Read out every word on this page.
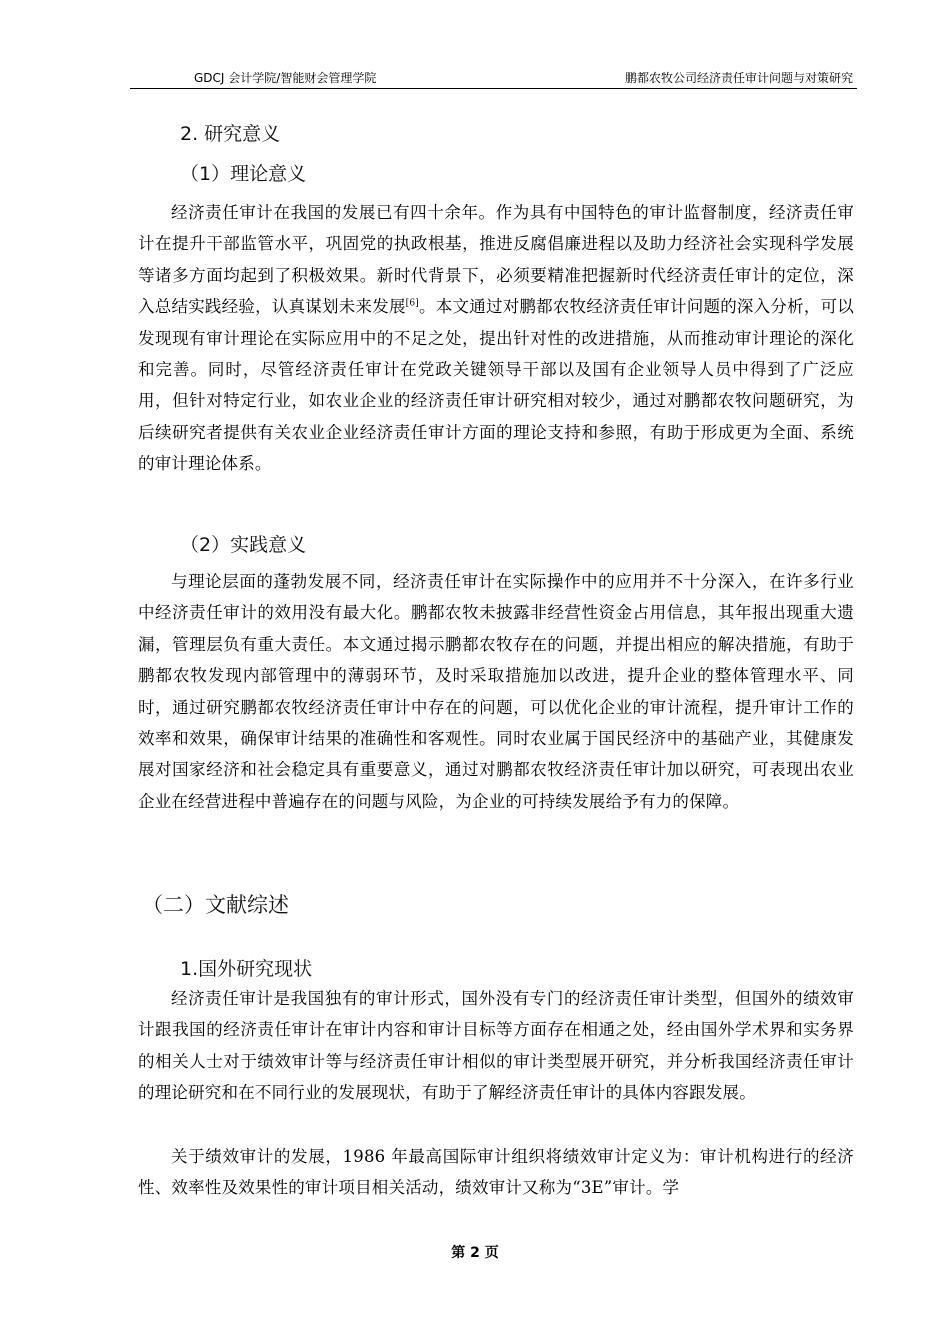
GDCJ 会计学院/智能财会管理学院	鹏都农牧公司经济责任审计问题与对策研究
2. 研究意义
（1）理论意义

经济责任审计在我国的发展已有四十余年。作为具有中国特色的审计监督制度，经济责任审计在提升干部监管水平，巩固党的执政根基，推进反腐倡廉进程以及助力经济社会实现科学发展等诸多方面均起到了积极效果。新时代背景下，必须要精准把握新时代经济责任审计的定位，深入总结实践经验，认真谋划未来发展[6]。本文通过对鹏都农牧经济责任审计问题的深入分析，可以发现现有审计理论在实际应用中的不足之处，提出针对性的改进措施，从而推动审计理论的深化和完善。同时，尽管经济责任审计在党政关键领导干部以及国有企业领导人员中得到了广泛应用，但针对特定行业，如农业企业的经济责任审计研究相对较少，通过对鹏都农牧问题研究，为后续研究者提供有关农业企业经济责任审计方面的理论支持和参照，有助于形成更为全面、系统的审计理论体系。

（2）实践意义

与理论层面的蓬勃发展不同，经济责任审计在实际操作中的应用并不十分深入，在许多行业中经济责任审计的效用没有最大化。鹏都农牧未披露非经营性资金占用信息，其年报出现重大遗漏，管理层负有重大责任。本文通过揭示鹏都农牧存在的问题，并提出相应的解决措施，有助于鹏都农牧发现内部管理中的薄弱环节，及时采取措施加以改进，提升企业的整体管理水平、同时，通过研究鹏都农牧经济责任审计中存在的问题，可以优化企业的审计流程，提升审计工作的效率和效果，确保审计结果的准确性和客观性。同时农业属于国民经济中的基础产业，其健康发展对国家经济和社会稳定具有重要意义，通过对鹏都农牧经济责任审计加以研究，可表现出农业企业在经营进程中普遍存在的问题与风险，为企业的可持续发展给予有力的保障。

（二）文献综述
1.国外研究现状

经济责任审计是我国独有的审计形式，国外没有专门的经济责任审计类型，但国外的绩效审计跟我国的经济责任审计在审计内容和审计目标等方面存在相通之处，经由国外学术界和实务界的相关人士对于绩效审计等与经济责任审计相似的审计类型展开研究，并分析我国经济责任审计的理论研究和在不同行业的发展现状，有助于了解经济责任审计的具体内容跟发展。

关于绩效审计的发展，1986 年最高国际审计组织将绩效审计定义为：审计机构进行的经济性、效率性及效果性的审计项目相关活动，绩效审计又称为“3E”审计。学

第 2 页
